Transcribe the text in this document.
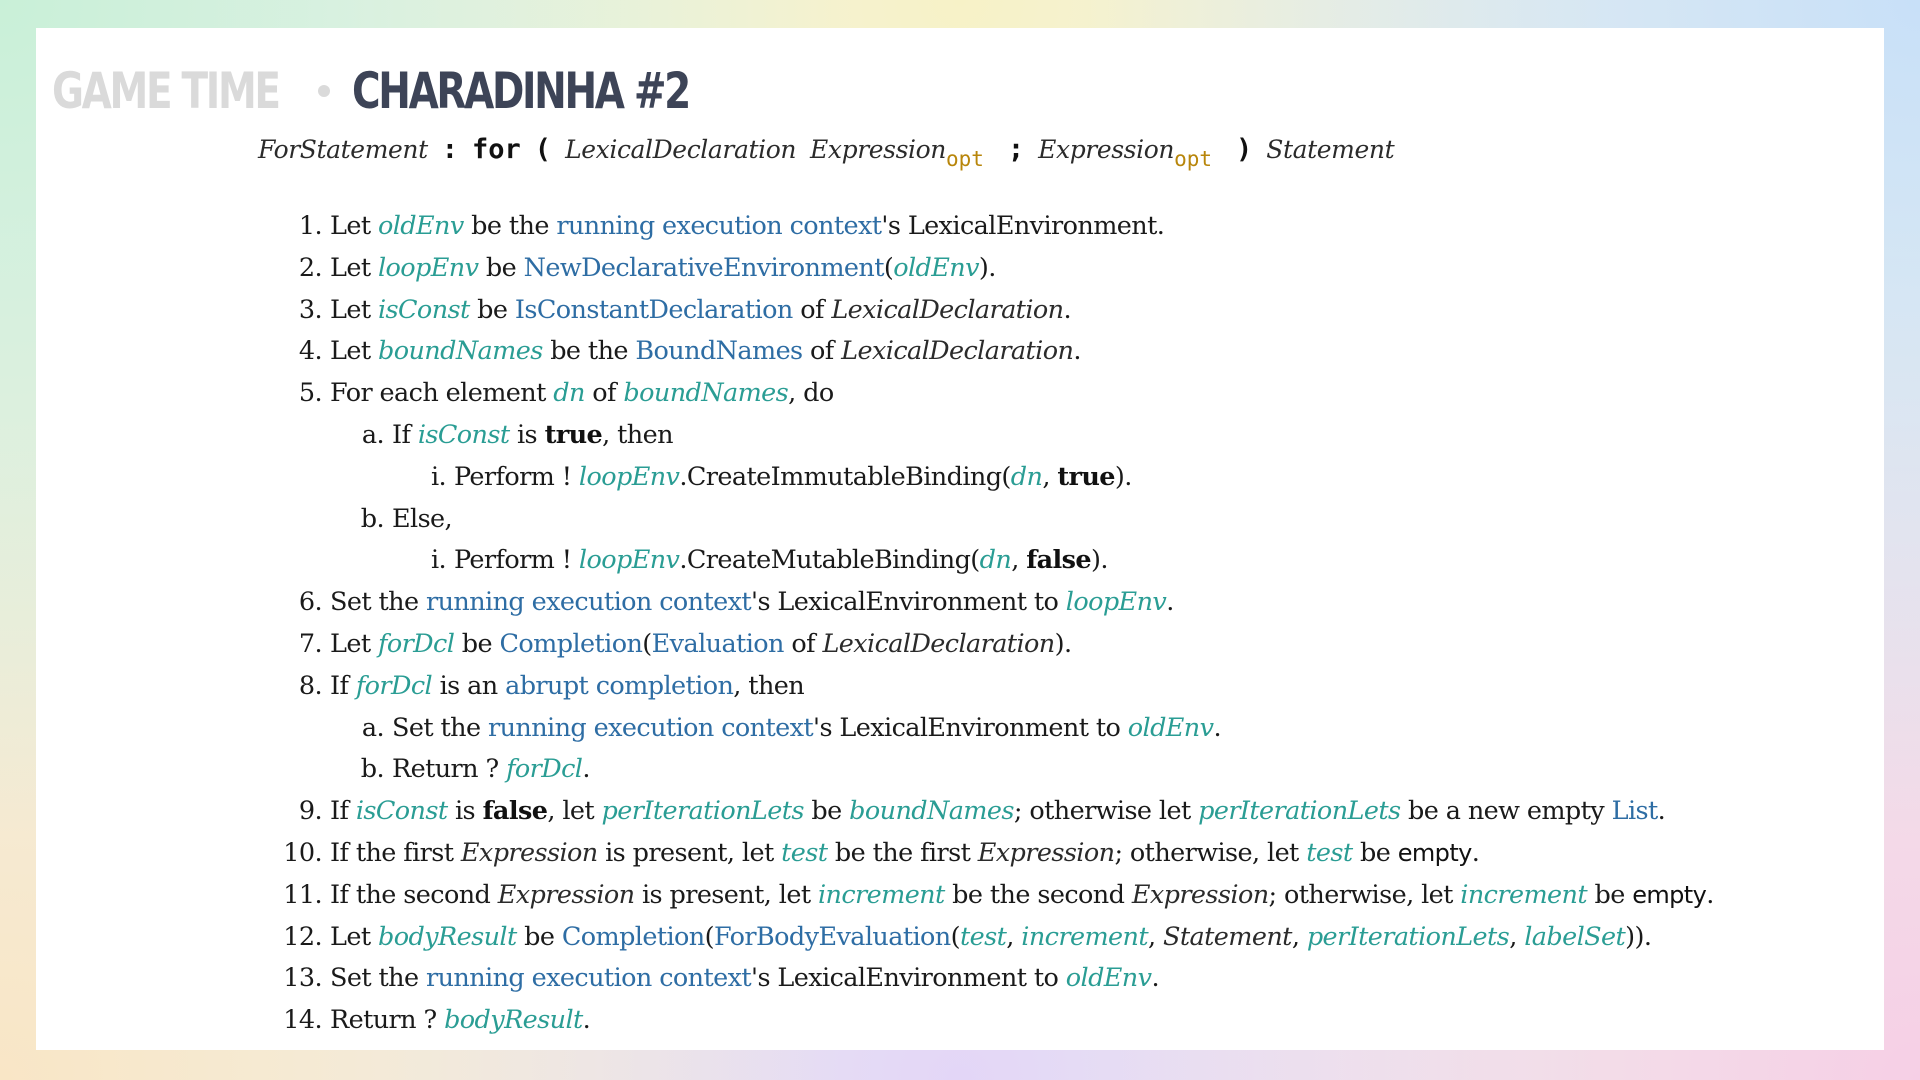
GAME TIME CHARADINHA #2
ForStatement : for ( LexicalDeclaration Expression opt ; Expression opt ) Statement
1. Let oldEnv be the running execution context's LexicalEnvironment.
2. Let loopEnv be NewDeclarativeEnvironment(oldEnv).
3. Let isConst be IsConstantDeclaration of LexicalDeclaration.
4. Let boundNames be the BoundNames of LexicalDeclaration.
5. For each element dn of boundNames, do
a. If isConst is true, then
i. Perform ! loopEnv.CreateImmutableBinding(dn, true).
b. Else,
i. Perform ! loopEnv.CreateMutableBinding(dn, false).
6. Set the running execution context's LexicalEnvironment to loopEnv.
7. Let forDcl be Completion(Evaluation of LexicalDeclaration).
8. If forDcl is an abrupt completion, then
a. Set the running execution context's LexicalEnvironment to oldEnv.
b. Return ? forDcl.
9. If isConst is false, let perIterationLets be boundNames; otherwise let perIterationLets be a new empty List.
10. If the first Expression is present, let test be the first Expression; otherwise, let test be empty.
11. If the second Expression is present, let increment be the second Expression; otherwise, let increment be empty.
12. Let bodyResult be Completion(ForBodyEvaluation(test, increment, Statement, perIterationLets, labelSet)).
13. Set the running execution context's LexicalEnvironment to oldEnv.
14. Return ? bodyResult.
